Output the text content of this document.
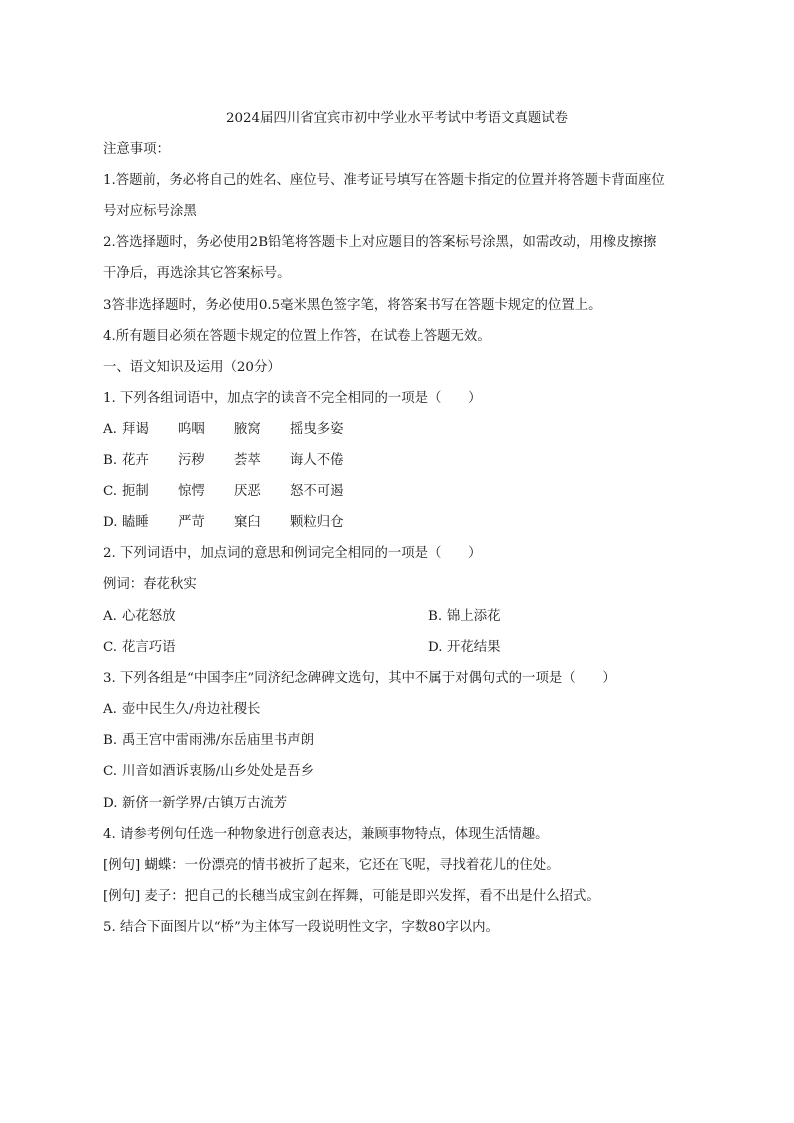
2024届四川省宜宾市初中学业水平考试中考语文真题试卷
注意事项：
1.答题前，务必将自己的姓名、座位号、准考证号填写在答题卡指定的位置并将答题卡背面座位
号对应标号涂黑
2.答选择题时，务必使用2B铅笔将答题卡上对应题目的答案标号涂黑，如需改动，用橡皮擦擦
干净后，再选涂其它答案标号。
3答非选择题时，务必使用0.5毫米黑色签字笔，将答案书写在答题卡规定的位置上。
4.所有题目必须在答题卡规定的位置上作答，在试卷上答题无效。
一、语文知识及运用（20分）
1. 下列各组词语中，加点字的读音不完全相同的一项是（　　）
A. 拜谒 呜咽 腋窝 摇曳多姿
B. 花卉 污秽 荟萃 诲人不倦
C. 扼制 惊愕 厌恶 怒不可遏
D. 瞌睡 严苛 窠臼 颗粒归仓
2. 下列词语中，加点词的意思和例词完全相同的一项是（　　）
例词：春花秋实
A. 心花怒放	B. 锦上添花
C. 花言巧语	D. 开花结果
3. 下列各组是“中国李庄”同济纪念碑碑文选句，其中不属于对偶句式的一项是（　　）
A. 壶中民生久/舟边社稷长
B. 禹王宫中雷雨沸/东岳庙里书声朗
C. 川音如酒诉衷肠/山乡处处是吾乡
D. 新侪一新学界/古镇万古流芳
4. 请参考例句任选一种物象进行创意表达，兼顾事物特点，体现生活情趣。
[例句] 蝴蝶：一份漂亮的情书被折了起来，它还在飞呢，寻找着花儿的住处。
[例句] 麦子：把自己的长穗当成宝剑在挥舞，可能是即兴发挥，看不出是什么招式。
5. 结合下面图片以“桥”为主体写一段说明性文字，字数80字以内。
